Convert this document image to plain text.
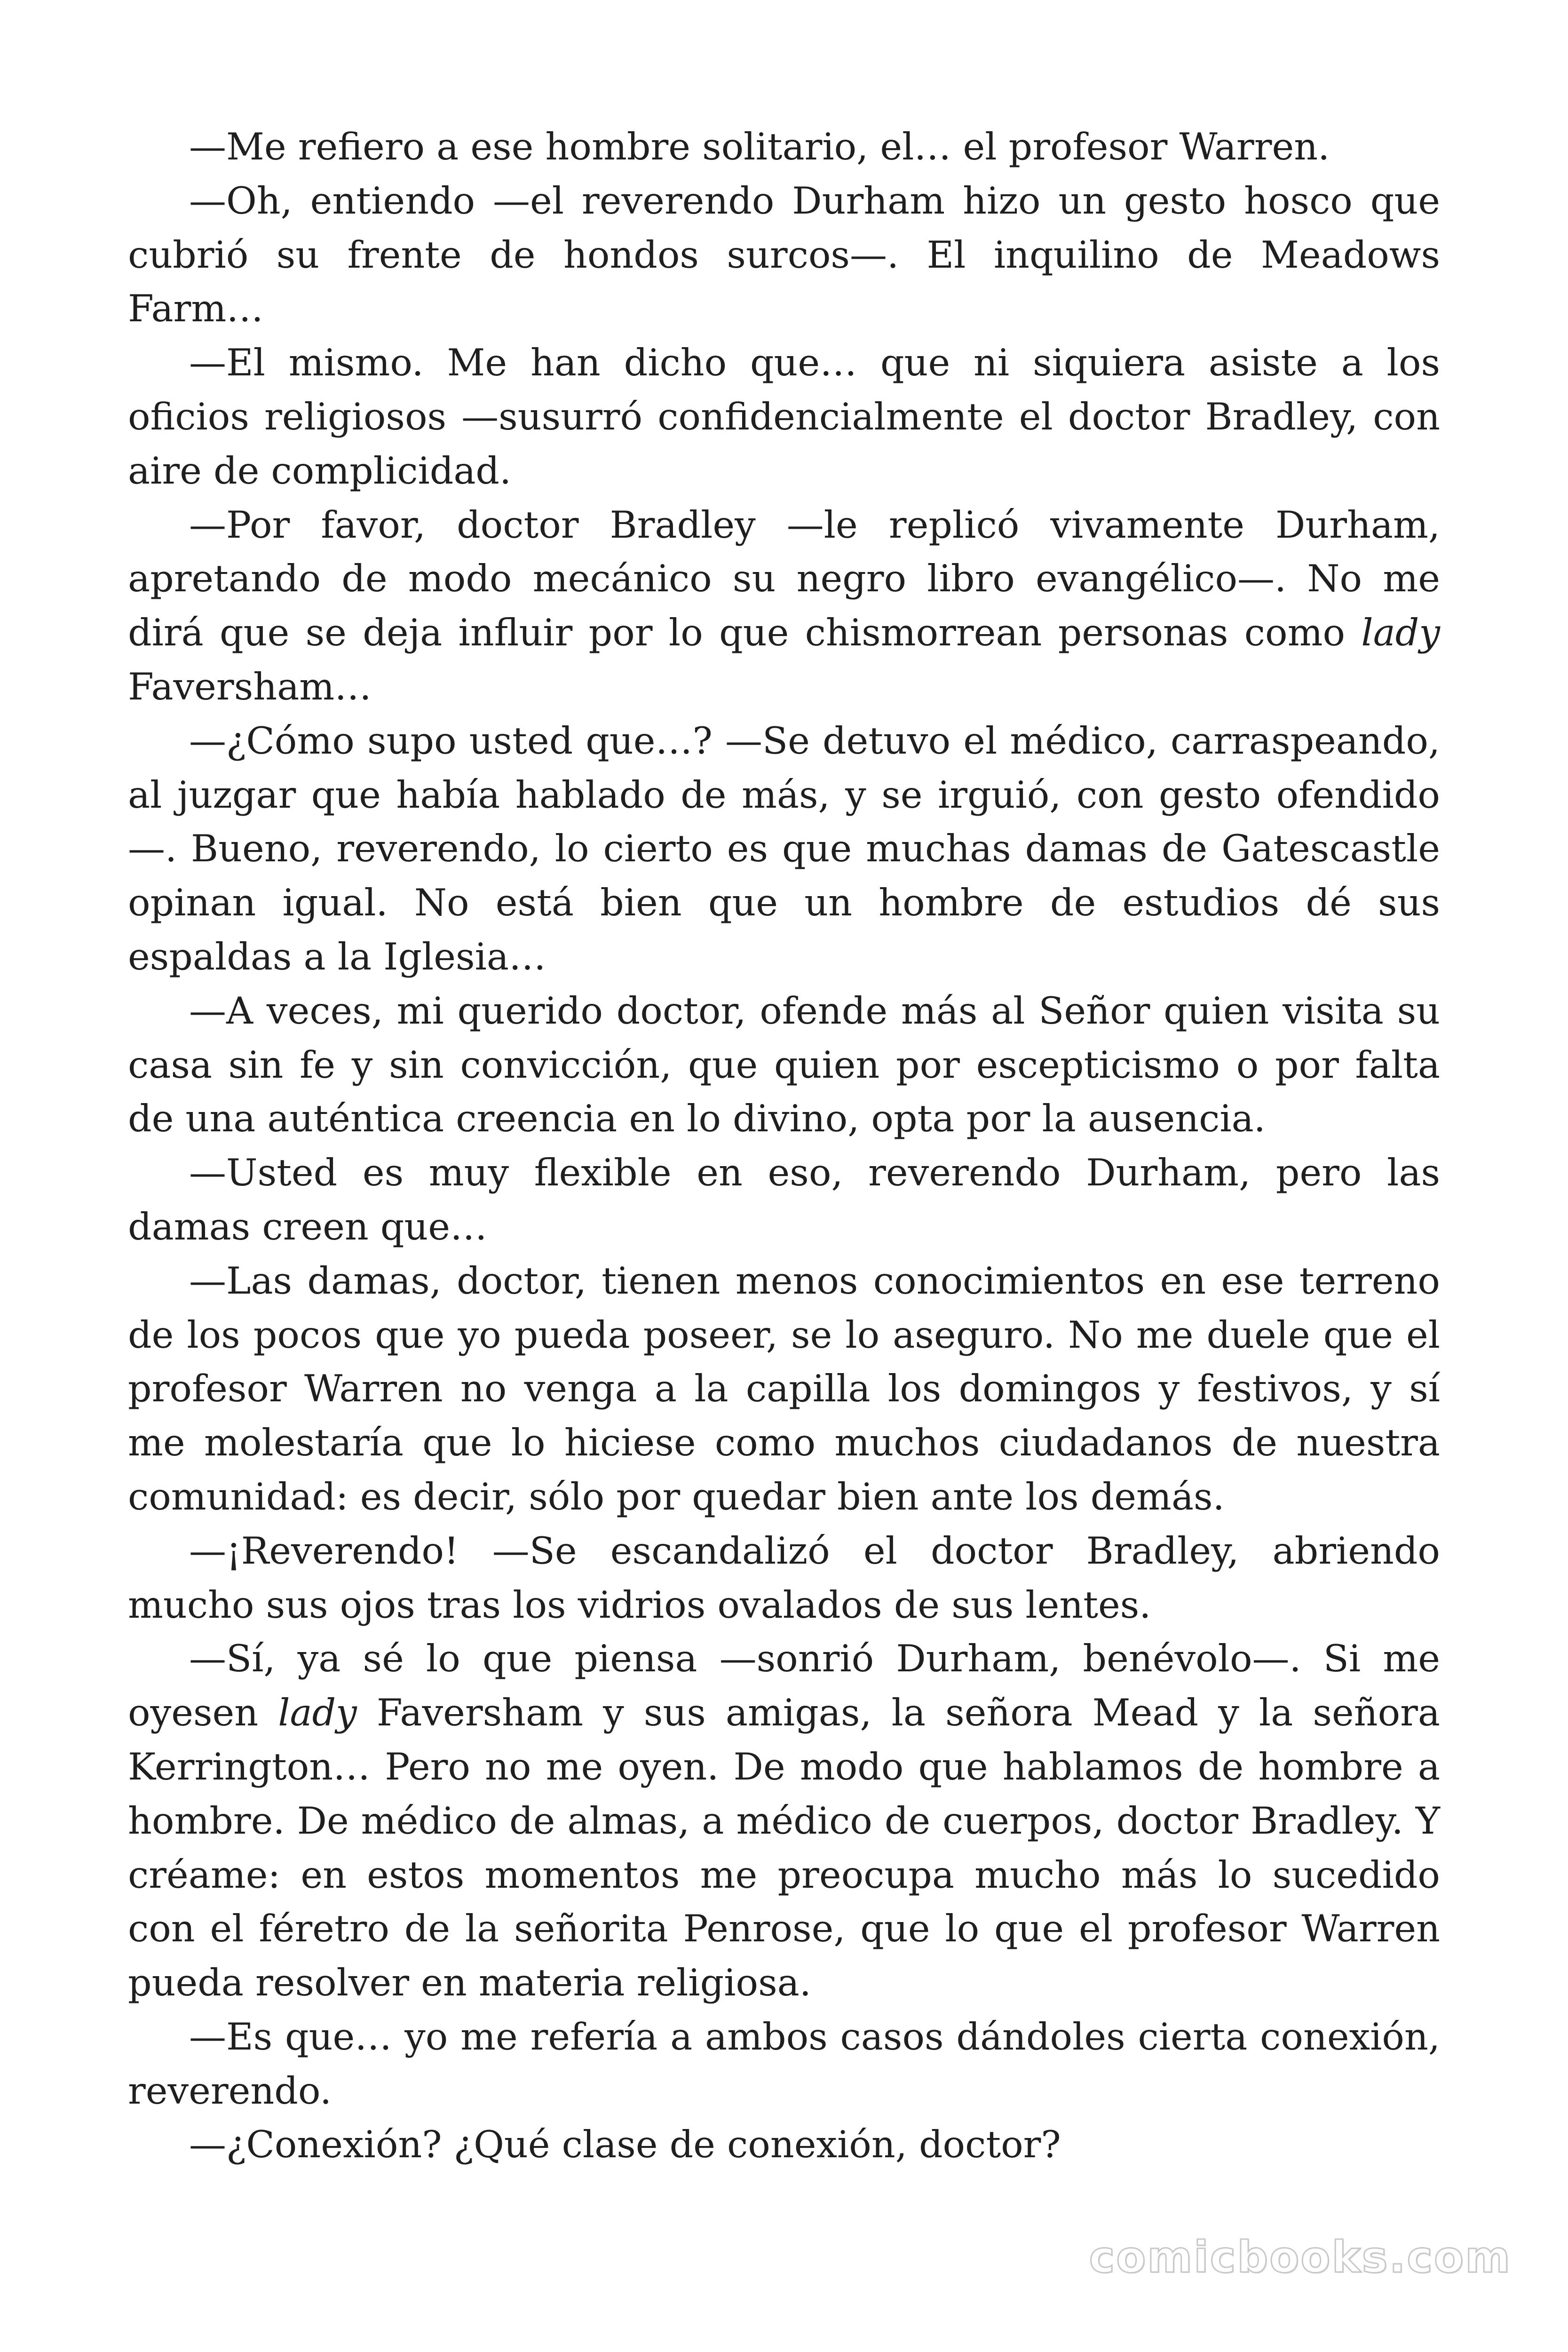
—Me refiero a ese hombre solitario, el… el profesor Warren.

—Oh, entiendo —el reverendo Durham hizo un gesto hosco que cubrió su frente de hondos surcos—. El inquilino de Meadows Farm…

—El mismo. Me han dicho que… que ni siquiera asiste a los oficios religiosos —susurró confidencialmente el doctor Bradley, con aire de complicidad.

—Por favor, doctor Bradley —le replicó vivamente Durham, apretando de modo mecánico su negro libro evangélico—. No me dirá que se deja influir por lo que chismorrean personas como lady Faversham…

—¿Cómo supo usted que…? —Se detuvo el médico, carraspeando, al juzgar que había hablado de más, y se irguió, con gesto ofendido—. Bueno, reverendo, lo cierto es que muchas damas de Gatescastle opinan igual. No está bien que un hombre de estudios dé sus espaldas a la Iglesia…

—A veces, mi querido doctor, ofende más al Señor quien visita su casa sin fe y sin convicción, que quien por escepticismo o por falta de una auténtica creencia en lo divino, opta por la ausencia.

—Usted es muy flexible en eso, reverendo Durham, pero las damas creen que…

—Las damas, doctor, tienen menos conocimientos en ese terreno de los pocos que yo pueda poseer, se lo aseguro. No me duele que el profesor Warren no venga a la capilla los domingos y festivos, y sí me molestaría que lo hiciese como muchos ciudadanos de nuestra comunidad: es decir, sólo por quedar bien ante los demás.

—¡Reverendo! —Se escandalizó el doctor Bradley, abriendo mucho sus ojos tras los vidrios ovalados de sus lentes.

—Sí, ya sé lo que piensa —sonrió Durham, benévolo—. Si me oyesen lady Faversham y sus amigas, la señora Mead y la señora Kerrington… Pero no me oyen. De modo que hablamos de hombre a hombre. De médico de almas, a médico de cuerpos, doctor Bradley. Y créame: en estos momentos me preocupa mucho más lo sucedido con el féretro de la señorita Penrose, que lo que el profesor Warren pueda resolver en materia religiosa.

—Es que… yo me refería a ambos casos dándoles cierta conexión, reverendo.

—¿Conexión? ¿Qué clase de conexión, doctor?

comicbooks.com
